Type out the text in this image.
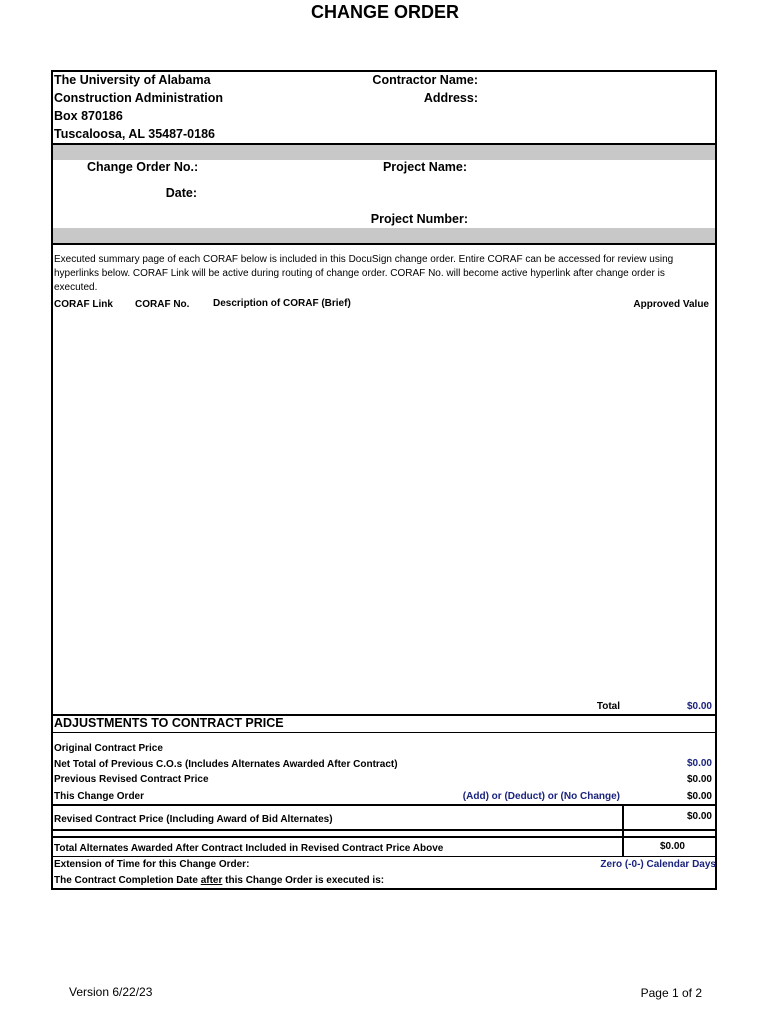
CHANGE ORDER
The University of Alabama
Construction Administration
Box 870186
Tuscaloosa, AL 35487-0186
Contractor Name:
Address:
Change Order No.:
Date:
Project Name:
Project Number:
Executed summary page of each CORAF below is included in this DocuSign change order. Entire CORAF can be accessed for review using hyperlinks below. CORAF Link will be active during routing of change order. CORAF No. will become active hyperlink after change order is executed.
CORAF Link CORAF No. Description of CORAF (Brief)	Approved Value
Total	$0.00
ADJUSTMENTS TO CONTRACT PRICE
Original Contract Price
Net Total of Previous C.O.s (Includes Alternates Awarded After Contract)	$0.00
Previous Revised Contract Price	$0.00
This Change Order	(Add) or (Deduct) or (No Change)	$0.00
Revised Contract Price (Including Award of Bid Alternates)	$0.00
Total Alternates Awarded After Contract Included in Revised Contract Price Above	$0.00
Extension of Time for this Change Order:	Zero (-0-) Calendar Days
The Contract Completion Date after this Change Order is executed is:
Version 6/22/23	Page 1 of 2
